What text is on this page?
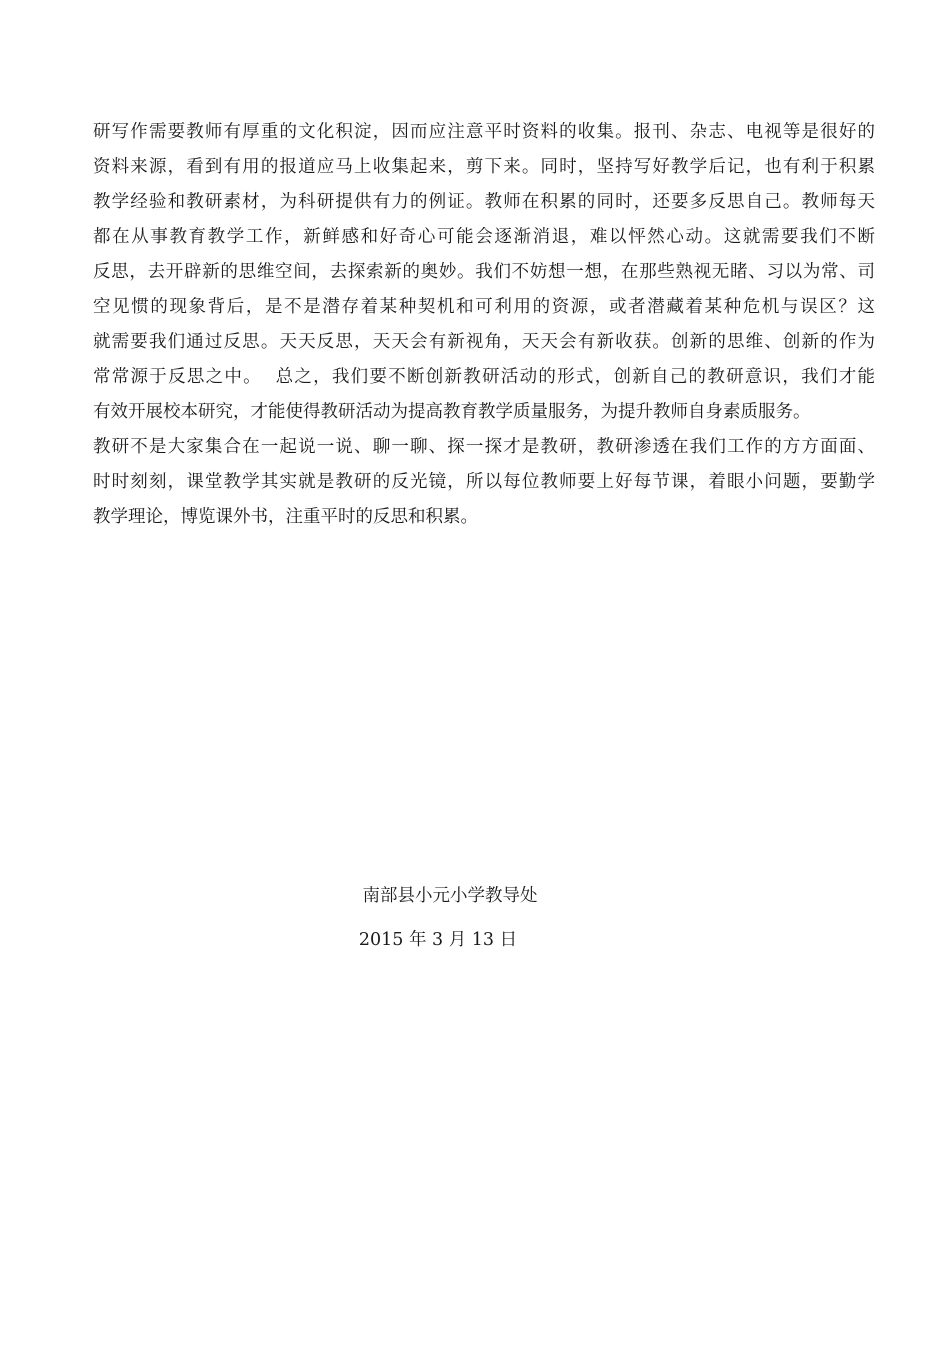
研写作需要教师有厚重的文化积淀，因而应注意平时资料的收集。报刊、杂志、电视等是很好的
资料来源，看到有用的报道应马上收集起来，剪下来。同时，坚持写好教学后记，也有利于积累
教学经验和教研素材，为科研提供有力的例证。教师在积累的同时，还要多反思自己。教师每天
都在从事教育教学工作，新鲜感和好奇心可能会逐渐消退，难以怦然心动。这就需要我们不断
反思，去开辟新的思维空间，去探索新的奥妙。我们不妨想一想，在那些熟视无睹、习以为常、司
空见惯的现象背后，是不是潜存着某种契机和可利用的资源，或者潜藏着某种危机与误区？这
就需要我们通过反思。天天反思，天天会有新视角，天天会有新收获。创新的思维、创新的作为
常常源于反思之中。  总之，我们要不断创新教研活动的形式，创新自己的教研意识，我们才能
有效开展校本研究，才能使得教研活动为提高教育教学质量服务，为提升教师自身素质服务。
教研不是大家集合在一起说一说、聊一聊、探一探才是教研，教研渗透在我们工作的方方面面、
时时刻刻，课堂教学其实就是教研的反光镜，所以每位教师要上好每节课，着眼小问题，要勤学
教学理论，博览课外书，注重平时的反思和积累。
南部县小元小学教导处
2015 年 3 月 13 日
